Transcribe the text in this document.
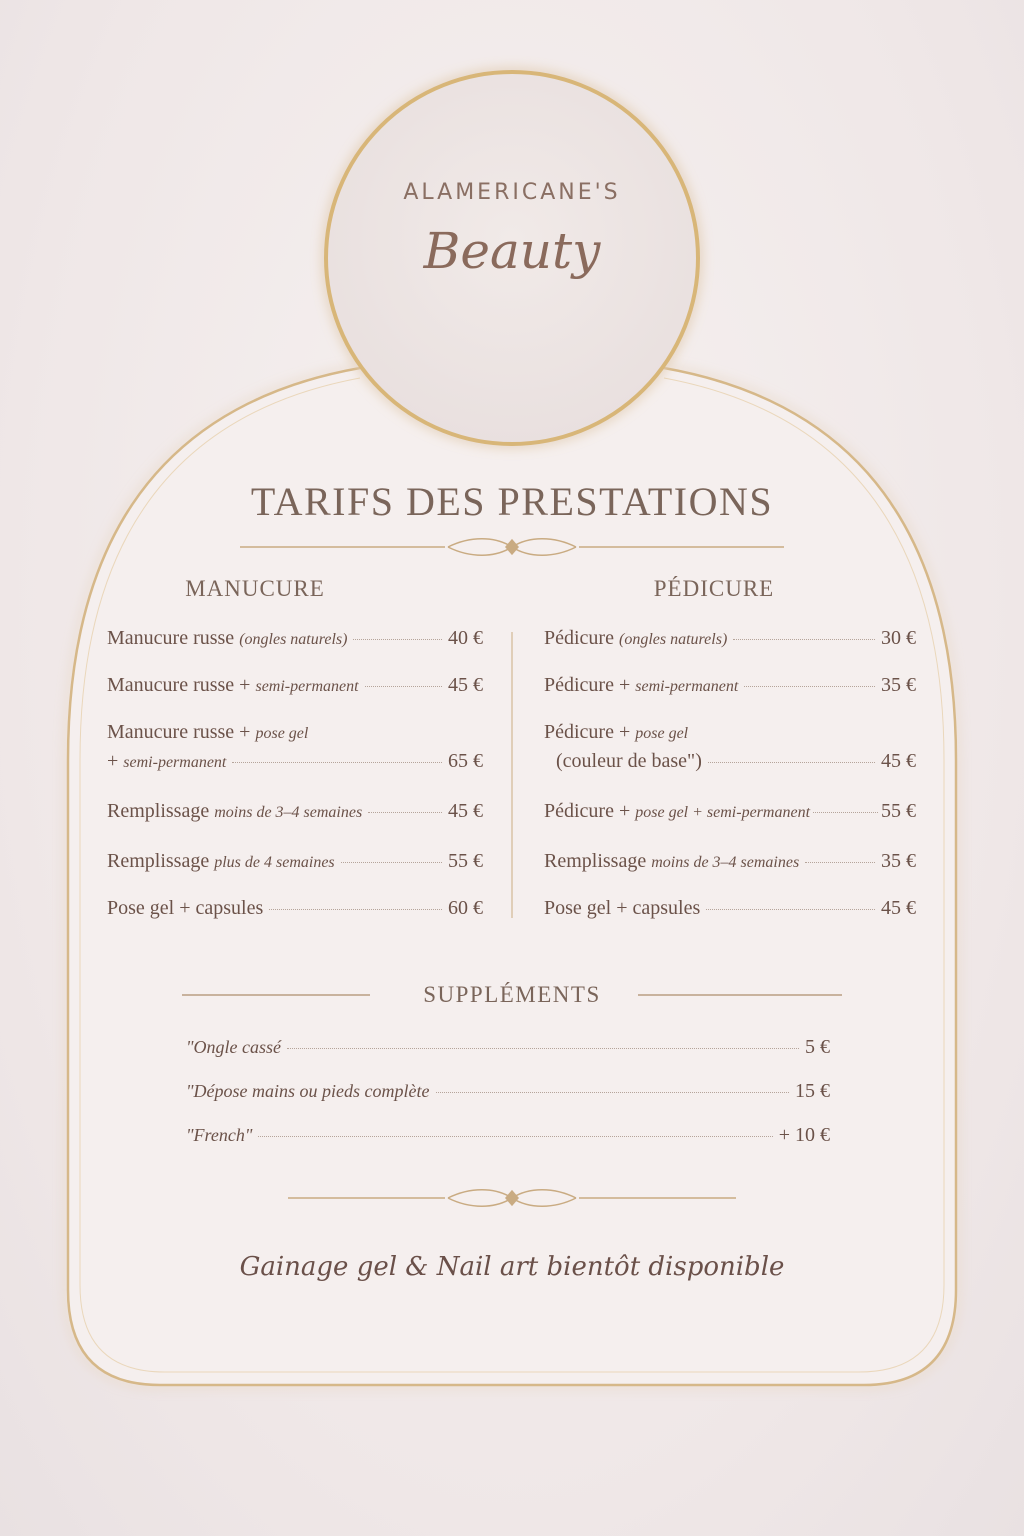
ALAMERICANE'S
Beauty
TARIFS DES PRESTATIONS
MANUCURE	PÉDICURE
Manucure russe (ongles naturels)	40 €
Manucure russe + semi-permanent	45 €
Manucure russe + pose gel
+ semi-permanent	65 €
Remplissage moins de 3–4 semaines	45 €
Remplissage plus de 4 semaines	55 €
Pose gel + capsules	60 €
Pédicure (ongles naturels)	30 €
Pédicure + semi-permanent	35 €
Pédicure + pose gel
(couleur de base")	45 €
Pédicure + pose gel + semi-permanent	55 €
Remplissage moins de 3–4 semaines	35 €
Pose gel + capsules	45 €
SUPPLÉMENTS
"Ongle cassé	5 €
"Dépose mains ou pieds complète	15 €
"French"	+ 10 €
Gainage gel & Nail art bientôt disponible
